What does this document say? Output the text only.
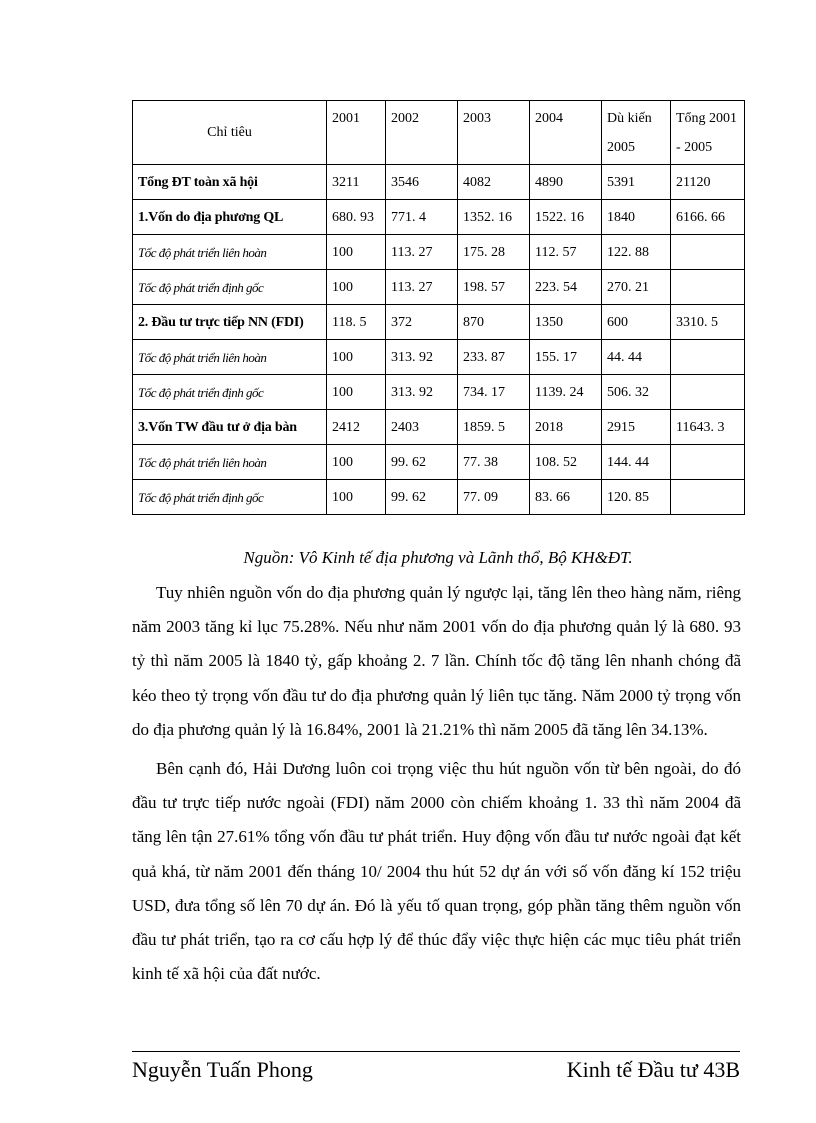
Chỉ tiêu	2001	2002	2003	2004	Dù kiến 2005	Tổng 2001 - 2005
Tổng ĐT toàn xã hội	3211	3546	4082	4890	5391	21120
1.Vốn do địa phương QL	680. 93	771. 4	1352. 16	1522. 16	1840	6166. 66
Tốc độ phát triển liên hoàn	100	113. 27	175. 28	112. 57	122. 88	
Tốc độ phát triển định gốc	100	113. 27	198. 57	223. 54	270. 21	
2. Đầu tư trực tiếp NN (FDI)	118. 5	372	870	1350	600	3310. 5
Tốc độ phát triển liên hoàn	100	313. 92	233. 87	155. 17	44. 44	
Tốc độ phát triển định gốc	100	313. 92	734. 17	1139. 24	506. 32	
3.Vốn TW đầu tư ở địa bàn	2412	2403	1859. 5	2018	2915	11643. 3
Tốc độ phát triển liên hoàn	100	99. 62	77. 38	108. 52	144. 44	
Tốc độ phát triển định gốc	100	99. 62	77. 09	83. 66	120. 85	
Nguồn: Vô Kinh tế địa phương và Lãnh thổ, Bộ KH&ĐT.

Tuy nhiên nguồn vốn do địa phương quản lý ngược lại, tăng lên theo hàng năm, riêng năm 2003 tăng kỉ lục 75.28%. Nếu như năm 2001 vốn do địa phương quản lý là 680. 93 tỷ thì năm 2005 là 1840 tỷ, gấp khoảng 2. 7 lần. Chính tốc độ tăng lên nhanh chóng đã kéo theo tỷ trọng vốn đầu tư do địa phương quản lý liên tục tăng. Năm 2000 tỷ trọng vốn do địa phương quản lý là 16.84%, 2001 là 21.21% thì năm 2005 đã tăng lên 34.13%.

Bên cạnh đó, Hải Dương luôn coi trọng việc thu hút nguồn vốn từ bên ngoài, do đó đầu tư trực tiếp nước ngoài (FDI) năm 2000 còn chiếm khoảng 1. 33 thì năm 2004 đã tăng lên tận 27.61% tổng vốn đầu tư phát triển. Huy động vốn đầu tư nước ngoài đạt kết quả khá, từ năm 2001 đến tháng 10/ 2004 thu hút 52 dự án với số vốn đăng kí 152 triệu USD, đưa tổng số lên 70 dự án. Đó là yếu tố quan trọng, góp phần tăng thêm nguồn vốn đầu tư phát triển, tạo ra cơ cấu hợp lý để thúc đẩy việc thực hiện các mục tiêu phát triển kinh tế xã hội của đất nước.

Nguyễn Tuấn Phong	Kinh tế Đầu tư 43B
